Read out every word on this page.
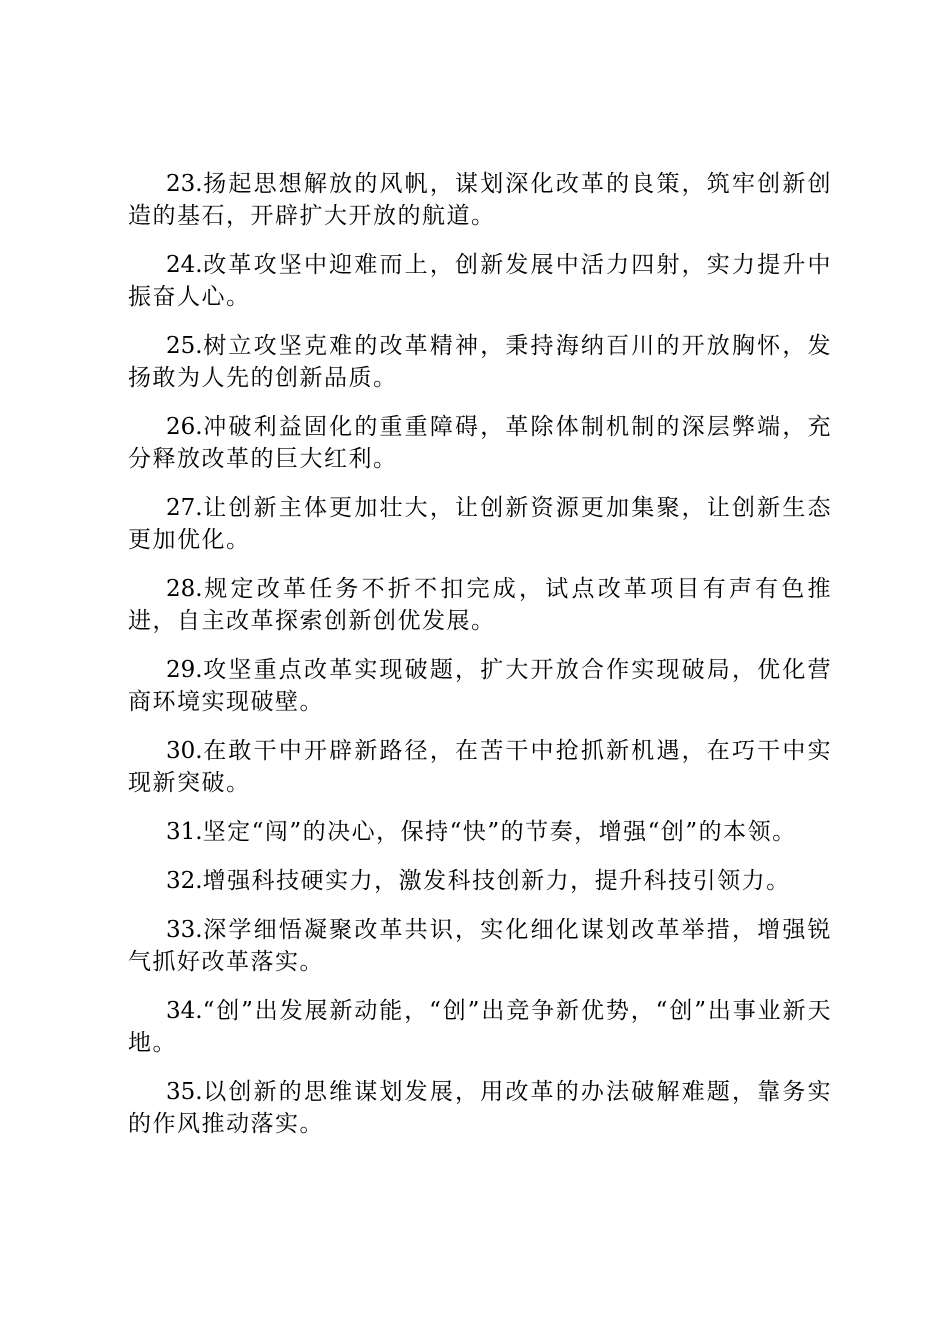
23.扬起思想解放的风帆，谋划深化改革的良策，筑牢创新创造的基石，开辟扩大开放的航道。

24.改革攻坚中迎难而上，创新发展中活力四射，实力提升中振奋人心。

25.树立攻坚克难的改革精神，秉持海纳百川的开放胸怀，发扬敢为人先的创新品质。

26.冲破利益固化的重重障碍，革除体制机制的深层弊端，充分释放改革的巨大红利。

27.让创新主体更加壮大，让创新资源更加集聚，让创新生态更加优化。

28.规定改革任务不折不扣完成，试点改革项目有声有色推进，自主改革探索创新创优发展。

29.攻坚重点改革实现破题，扩大开放合作实现破局，优化营商环境实现破壁。

30.在敢干中开辟新路径，在苦干中抢抓新机遇，在巧干中实现新突破。

31.坚定“闯”的决心，保持“快”的节奏，增强“创”的本领。

32.增强科技硬实力，激发科技创新力，提升科技引领力。

33.深学细悟凝聚改革共识，实化细化谋划改革举措，增强锐气抓好改革落实。

34.“创”出发展新动能，“创”出竞争新优势，“创”出事业新天地。

35.以创新的思维谋划发展，用改革的办法破解难题，靠务实的作风推动落实。
